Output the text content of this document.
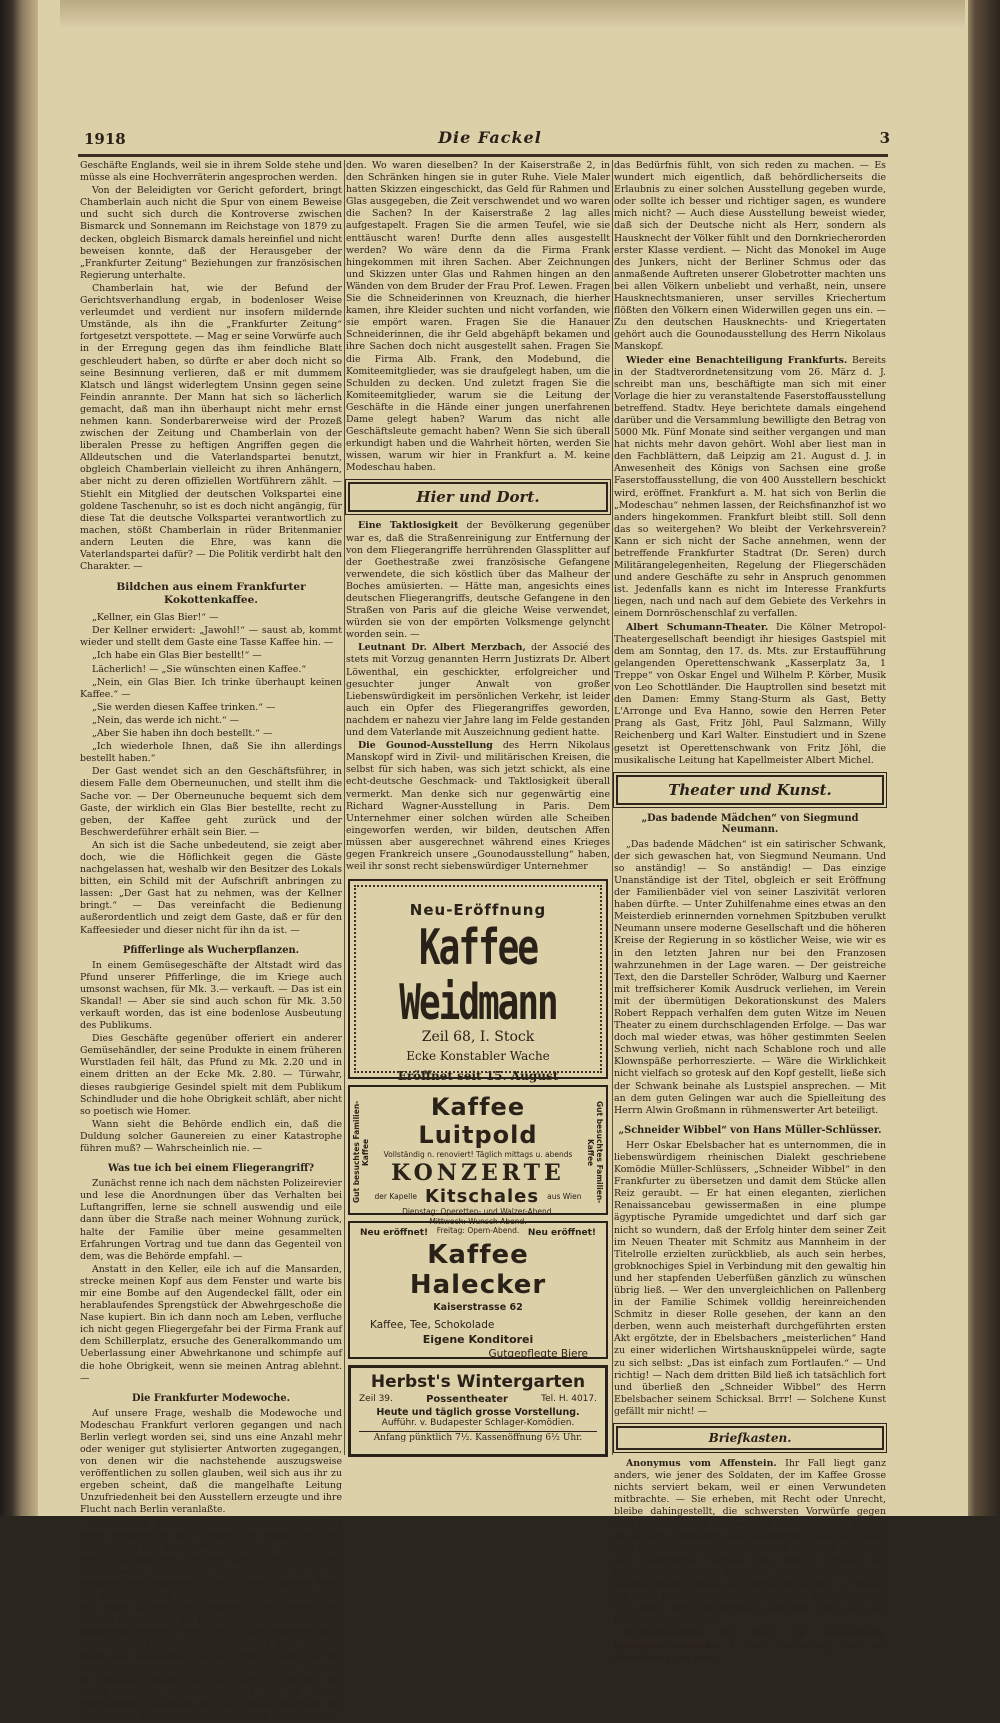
1918	Die Fackel	3

Geschäfte Englands, weil sie in ihrem Solde stehe und müsse als eine Hochverräterin angesprochen werden.

Von der Beleidigten vor Gericht gefordert, bringt Chamberlain auch nicht die Spur von einem Beweise und sucht sich durch die Kontroverse zwischen Bismarck und Sonnemann im Reichstage von 1879 zu decken, obgleich Bismarck damals hereinfiel und nicht beweisen konnte, daß der Herausgeber der „Frankfurter Zeitung“ Beziehungen zur französischen Regierung unterhalte.

Chamberlain hat, wie der Befund der Gerichtsverhandlung ergab, in bodenloser Weise verleumdet und verdient nur insofern mildernde Umstände, als ihn die „Frankfurter Zeitung“ fortgesetzt verspottete. — Mag er seine Vorwürfe auch in der Erregung gegen das ihm feindliche Blatt geschleudert haben, so dürfte er aber doch nicht so seine Besinnung verlieren, daß er mit dummem Klatsch und längst widerlegtem Unsinn gegen seine Feindin anrannte. Der Mann hat sich so lächerlich gemacht, daß man ihn überhaupt nicht mehr ernst nehmen kann. Sonderbarerweise wird der Prozeß zwischen der Zeitung und Chamberlain von der liberalen Presse zu heftigen Angriffen gegen die Alldeutschen und die Vaterlandspartei benutzt, obgleich Chamberlain vielleicht zu ihren Anhängern, aber nicht zu deren offiziellen Wortführern zählt. — Stiehlt ein Mitglied der deutschen Volkspartei eine goldene Taschenuhr, so ist es doch nicht angängig, für diese Tat die deutsche Volkspartei verantwortlich zu machen, stößt Chamberlain in rüder Britenmanier andern Leuten die Ehre, was kann die Vaterlandspartei dafür? — Die Politik verdirbt halt den Charakter. —

Bildchen aus einem Frankfurter Kokottenkaffee.

„Kellner, ein Glas Bier!“ —

Der Kellner erwidert: „Jawohl!“ — saust ab, kommt wieder und stellt dem Gaste eine Tasse Kaffee hin. —

„Ich habe ein Glas Bier bestellt!“ —

Lächerlich! — „Sie wünschten einen Kaffee.“

„Nein, ein Glas Bier. Ich trinke überhaupt keinen Kaffee.“ —

„Sie werden diesen Kaffee trinken.“ —

„Nein, das werde ich nicht.“ —

„Aber Sie haben ihn doch bestellt.“ —

„Ich wiederhole Ihnen, daß Sie ihn allerdings bestellt haben.“

Der Gast wendet sich an den Geschäftsführer, in diesem Falle dem Oberneunuchen, und stellt ihm die Sache vor. — Der Oberneunuche bequemt sich dem Gaste, der wirklich ein Glas Bier bestellte, recht zu geben, der Kaffee geht zurück und der Beschwerdeführer erhält sein Bier. —

An sich ist die Sache unbedeutend, sie zeigt aber doch, wie die Höflichkeit gegen die Gäste nachgelassen hat, weshalb wir den Besitzer des Lokals bitten, ein Schild mit der Aufschrift anbringen zu lassen: „Der Gast hat zu nehmen, was der Kellner bringt.“ — Das vereinfacht die Bedienung außerordentlich und zeigt dem Gaste, daß er für den Kaffeesieder und dieser nicht für ihn da ist. —

Pfifferlinge als Wucherpflanzen.

In einem Gemüsegeschäfte der Altstadt wird das Pfund unserer Pfifferlinge, die im Kriege auch umsonst wachsen, für Mk. 3.— verkauft. — Das ist ein Skandal! — Aber sie sind auch schon für Mk. 3.50 verkauft worden, das ist eine bodenlose Ausbeutung des Publikums.

Dies Geschäfte gegenüber offeriert ein anderer Gemüsehändler, der seine Produkte in einem früheren Wurstladen feil hält, das Pfund zu Mk. 2.20 und in einem dritten an der Ecke Mk. 2.80. — Türwahr, dieses raubgierige Gesindel spielt mit dem Publikum Schindluder und die hohe Obrigkeit schläft, aber nicht so poetisch wie Homer.

Wann sieht die Behörde endlich ein, daß die Duldung solcher Gaunereien zu einer Katastrophe führen muß? — Wahrscheinlich nie. —

Was tue ich bei einem Fliegerangriff?

Zunächst renne ich nach dem nächsten Polizeirevier und lese die Anordnungen über das Verhalten bei Luftangriffen, lerne sie schnell auswendig und eile dann über die Straße nach meiner Wohnung zurück, halte der Familie über meine gesammelten Erfahrungen Vortrag und tue dann das Gegenteil von dem, was die Behörde empfahl. —

Anstatt in den Keller, eile ich auf die Mansarden, strecke meinen Kopf aus dem Fenster und warte bis mir eine Bombe auf den Augendeckel fällt, oder ein herablaufendes Sprengstück der Abwehrgeschoße die Nase kupiert. Bin ich dann noch am Leben, verfluche ich nicht gegen Fliegergefahr bei der Firma Frank auf dem Schillerplatz, ersuche des Generalkommando um Ueberlassung einer Abwehrkanone und schimpfe auf die hohe Obrigkeit, wenn sie meinen Antrag ablehnt. —

Die Frankfurter Modewoche.

Auf unsere Frage, weshalb die Modewoche und Modeschau Frankfurt verloren gegangen und nach Berlin verlegt worden sei, sind uns eine Anzahl mehr oder weniger gut stylisierter Antworten zugegangen, von denen wir die nachstehende auszugsweise veröffentlichen zu sollen glauben, weil sich aus ihr zu ergeben scheint, daß die mangelhafte Leitung Unzufriedenheit bei den Ausstellern erzeugte und ihre Flucht nach Berlin veranlaßte.

„Sie wollen die Gründe wissen, warum Frankfurt keine Modewoche hat? Fragen Sie einmal bei dem Festkomitee der letzten Modewoche an, oder bei den zwei Hauptmachern, Fräulein Klara Frank und Herrn Prof. Lewen. Fragen Sie die Aussteller, z. B. die Plauener Spitzenindustrie, die für viele tausend Mark die schönsten und feinsten Spitzen einschickte und nur einen kleinen Teil ausgestellt angetroffen hat. Fragen Sie, warum die Plauener Spitzenkleider nicht ausgestellt wurden? Nach eine Spitzenindustrie hatte wundervolle Sachen eingeschickt und kein einziges Stück war ausgestellt, warum nicht? Fragen Sie die vielen kleinen Schneiderinnen von auswärts, die sich in Unkosten rannen, Tag und Nacht schufteten, um etwas Schönes herzustellen und mit so frohen Hoffnungen einsandten, die weite Reise machten, die Ausstellung besuchten und ihre Sachen nicht vorhan-

den. Wo waren dieselben? In der Kaiserstraße 2, in den Schränken hingen sie in guter Ruhe. Viele Maler hatten Skizzen eingeschickt, das Geld für Rahmen und Glas ausgegeben, die Zeit verschwendet und wo waren die Sachen? In der Kaiserstraße 2 lag alles aufgestapelt. Fragen Sie die armen Teufel, wie sie enttäuscht waren! Durfte denn alles ausgestellt werden? Wo wäre denn da die Firma Frank hingekommen mit ihren Sachen. Aber Zeichnungen und Skizzen unter Glas und Rahmen hingen an den Wänden von dem Bruder der Frau Prof. Lewen. Fragen Sie die Schneiderinnen von Kreuznach, die hierher kamen, ihre Kleider suchten und nicht vorfanden, wie sie empört waren. Fragen Sie die Hanauer Schneiderinnen, die ihr Geld abgehäpft bekamen und ihre Sachen doch nicht ausgestellt sahen. Fragen Sie die Firma Alb. Frank, den Modebund, die Komiteemitglieder, was sie draufgelegt haben, um die Schulden zu decken. Und zuletzt fragen Sie die Komiteemitglieder, warum sie die Leitung der Geschäfte in die Hände einer jungen unerfahrenen Dame gelegt haben? Warum das nicht alle Geschäftsleute gemacht haben? Wenn Sie sich überall erkundigt haben und die Wahrheit hörten, werden Sie wissen, warum wir hier in Frankfurt a. M. keine Modeschau haben.

Hier und Dort.

Eine Taktlosigkeit der Bevölkerung gegenüber war es, daß die Straßenreinigung zur Entfernung der von dem Fliegerangriffe herrührenden Glassplitter auf der Goethestraße zwei französische Gefangene verwendete, die sich köstlich über das Malheur der Boches amüsierten. — Hätte man, angesichts eines deutschen Fliegerangriffs, deutsche Gefangene in den Straßen von Paris auf die gleiche Weise verwendet, würden sie von der empörten Volksmenge gelyncht worden sein. —

Leutnant Dr. Albert Merzbach, der Associé des stets mit Vorzug genannten Herrn Justizrats Dr. Albert Löwenthal, ein geschickter, erfolgreicher und gesuchter junger Anwalt von großer Liebenswürdigkeit im persönlichen Verkehr, ist leider auch ein Opfer des Fliegerangriffes geworden, nachdem er nahezu vier Jahre lang im Felde gestanden und dem Vaterlande mit Auszeichnung gedient hatte.

Die Gounod-Ausstellung des Herrn Nikolaus Manskopf wird in Zivil- und militärischen Kreisen, die selbst für sich haben, was sich jetzt schickt, als eine echt-deutsche Geschmack- und Taktlosigkeit überall vermerkt. Man denke sich nur gegenwärtig eine Richard Wagner-Ausstellung in Paris. Dem Unternehmer einer solchen würden alle Scheiben eingeworfen werden, wir bilden, deutschen Affen müssen aber ausgerechnet während eines Krieges gegen Frankreich unsere „Gounodausstellung“ haben, weil ihr sonst recht siebenswürdiger Unternehmer

Neu-Eröffnung
Kaffee Weidmann
Zeil 68, I. Stock
Ecke Konstabler Wache
Eröffnet seit 15. August
Gut besuchtes Familien-Kaffee	Gut besuchtes Familien-Kaffee
Kaffee Luitpold
Vollständig n. renoviert! Täglich mittags u. abends
KONZERTE
der Kapelle Kitschales aus Wien
Dienstag: Operetten- und Walzer-Abend.
Mittwoch: Wunsch-Abend.
Freitag: Opern-Abend.
Neu eröffnet!	Neu eröffnet!
Kaffee Halecker
Kaiserstrasse 62
Kaffee, Tee, Schokolade
Eigene Konditorei
Gutgepflegte Biere
Herbst's Wintergarten
Zeil 39.	Possentheater	Tel. H. 4017.
Heute und täglich grosse Vorstellung.
Aufführ. v. Budapester Schlager-Komödien.
Anfang pünktlich 7½. Kassenöffnung 6½ Uhr.

das Bedürfnis fühlt, von sich reden zu machen. — Es wundert mich eigentlich, daß behördlicherseits die Erlaubnis zu einer solchen Ausstellung gegeben wurde, oder sollte ich besser und richtiger sagen, es wundere mich nicht? — Auch diese Ausstellung beweist wieder, daß sich der Deutsche nicht als Herr, sondern als Hausknecht der Völker fühlt und den Dornkriecherorden erster Klasse verdient. — Nicht das Monokel im Auge des Junkers, nicht der Berliner Schmus oder das anmaßende Auftreten unserer Globetrotter machten uns bei allen Völkern unbeliebt und verhaßt, nein, unsere Hausknechtsmanieren, unser servilles Kriechertum flößten den Völkern einen Widerwillen gegen uns ein. — Zu den deutschen Hausknechts- und Kriegertaten gehört auch die Gounodausstellung des Herrn Nikolaus Manskopf.

Wieder eine Benachteiligung Frankfurts. Bereits in der Stadtverordnetensitzung vom 26. März d. J. schreibt man uns, beschäftigte man sich mit einer Vorlage die hier zu veranstaltende Faserstoffausstellung betreffend. Stadtv. Heye berichtete damals eingehend darüber und die Versammlung bewilligte den Betrag von 5000 Mk. Fünf Monate sind seither vergangen und man hat nichts mehr davon gehört. Wohl aber liest man in den Fachblättern, daß Leipzig am 21. August d. J. in Anwesenheit des Königs von Sachsen eine große Faserstoffausstellung, die von 400 Ausstellern beschickt wird, eröffnet. Frankfurt a. M. hat sich von Berlin die „Modeschau“ nehmen lassen, der Reichsfinanzhof ist wo anders hingekommen. Frankfurt bleibt still. Soll denn das so weitergehen? Wo bleibt der Verkehrsverein? Kann er sich nicht der Sache annehmen, wenn der betreffende Frankfurter Stadtrat (Dr. Seren) durch Militärangelegenheiten, Regelung der Fliegerschäden und andere Geschäfte zu sehr in Anspruch genommen ist. Jedenfalls kann es nicht im Interesse Frankfurts liegen, nach und nach auf dem Gebiete des Verkehrs in einem Dornröschenschlaf zu verfallen.

Albert Schumann-Theater. Die Kölner Metropol-Theatergesellschaft beendigt ihr hiesiges Gastspiel mit dem am Sonntag, den 17. ds. Mts. zur Erstaufführung gelangenden Operettenschwank „Kasserplatz 3a, 1 Treppe“ von Oskar Engel und Wilhelm P. Körber, Musik von Leo Schottländer. Die Hauptrollen sind besetzt mit den Damen: Emmy Stang-Sturm als Gast, Betty L'Arronge und Eva Hanno, sowie den Herren Peter Prang als Gast, Fritz Jöhl, Paul Salzmann, Willy Reichenberg und Karl Walter. Einstudiert und in Szene gesetzt ist Operettenschwank von Fritz Jöhl, die musikalische Leitung hat Kapellmeister Albert Michel.

Theater und Kunst.
„Das badende Mädchen“ von Siegmund Neumann.

„Das badende Mädchen“ ist ein satirischer Schwank, der sich gewaschen hat, von Siegmund Neumann. Und so anständig! — So anständig! — Das einzige Unanständige ist der Titel, obgleich er seit Eröffnung der Familienbäder viel von seiner Laszivität verloren haben dürfte. — Unter Zuhilfenahme eines etwas an den Meisterdieb erinnernden vornehmen Spitzbuben verulkt Neumann unsere moderne Gesellschaft und die höheren Kreise der Regierung in so köstlicher Weise, wie wir es in den letzten Jahren nur bei den Franzosen wahrzunehmen in der Lage waren. — Der geistreiche Text, den die Darsteller Schröder, Walburg und Kaerner mit treffsicherer Komik Ausdruck verliehen, im Verein mit der übermütigen Dekorationskunst des Malers Robert Reppach verhalfen dem guten Witze im Neuen Theater zu einem durchschlagenden Erfolge. — Das war doch mal wieder etwas, was höher gestimmten Seelen Schwung verlieh, nicht nach Schablone roch und alle Klownspäße perhorreszierte. — Wäre die Wirklichkeit nicht vielfach so grotesk auf den Kopf gestellt, ließe sich der Schwank beinahe als Lustspiel ansprechen. — Mit an dem guten Gelingen war auch die Spielleitung des Herrn Alwin Großmann in rühmenswerter Art beteiligt.

„Schneider Wibbel“ von Hans Müller-Schlüsser.

Herr Oskar Ebelsbacher hat es unternommen, die in liebenswürdigem rheinischen Dialekt geschriebene Komödie Müller-Schlüssers, „Schneider Wibbel“ in den Frankfurter zu übersetzen und damit dem Stücke allen Reiz geraubt. — Er hat einen eleganten, zierlichen Renaissancebau gewissermaßen in eine plumpe ägyptische Pyramide umgedichtet und darf sich gar nicht so wundern, daß der Erfolg hinter dem seiner Zeit im Neuen Theater mit Schmitz aus Mannheim in der Titelrolle erzielten zurückblieb, als auch sein herbes, grobknochiges Spiel in Verbindung mit den gewaltig hin und her stapfenden Ueberfüßen gänzlich zu wünschen übrig ließ. — Wer den unvergleichlichen on Pallenberg in der Familie Schimek volldig hereinreichenden Schmitz in dieser Rolle gesehen, der kann an den derben, wenn auch meisterhaft durchgeführten ersten Akt ergötzte, der in Ebelsbachers „meisterlichen“ Hand zu einer widerlichen Wirtshausknüppelei würde, sagte zu sich selbst: „Das ist einfach zum Fortlaufen.“ — Und richtig! — Nach dem dritten Bild ließ ich tatsächlich fort und überließ den „Schneider Wibbel“ des Herrn Ebelsbacher seinem Schicksal. Brrr! — Solchene Kunst gefällt mir nicht! —

Briefkasten.

Anonymus vom Affenstein. Ihr Fall liegt ganz anders, wie jener des Soldaten, der im Kaffee Grosse nichts serviert bekam, weil er einen Verwundeten mitbrachte. — Sie erheben, mit Recht oder Unrecht, bleibe dahingestellt, die schwersten Vorwürfe gegen eine Anstaltsleitung und weigern sich, uns Ihren Namen zu nennen, verlangen aber wiederholt, daß wir gegen eine Anstalt vorgehen, während sich bis heute bezüglich des unerhörten Vorfalls im Kaffee Grosse ein preußischer Beamter in voller Uniform als durchaus glaubwürdiger Zeuge zur Verfügung stellte. — Wollen Sie auch Ihre gerechte Sache gewahrt haben, müssen Sie eben Ihre Anonymität aufgeben und auf der Redaktion erscheinen.

Kriegsinvalide H. Sch. in Neuenhain, Königswerterstraße 6. Ihre Entrüstung über die Ausweisung des fran-
